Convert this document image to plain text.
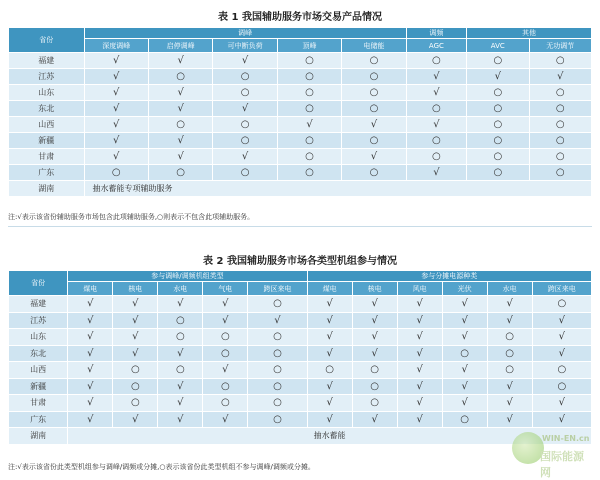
表 1 我国辅助服务市场交易产品情况
省份	调峰					调频	其他	
	深度调峰	启停调峰	可中断负荷	顶峰	电储能	AGC	AVC	无功调节
福建	√	√	√	○	○	○	○	○
江苏	√	○	○	○	○	√	√	√
山东	√	√	○	○	○	√	○	○
东北	√	√	√	○	○	○	○	○
山西	√	○	○	√	√	√	○	○
新疆	√	√	○	○	○	○	○	○
甘肃	√	√	√	○	√	○	○	○
广东	○	○	○	○	○	√	○	○
湖南	抽水蓄能专项辅助服务							
注:√表示该省份辅助服务市场包含此项辅助服务,○则表示不包含此项辅助服务。
表 2 我国辅助服务市场各类型机组参与情况
省份	参与调峰/调频机组类型					参与分摊电源种类					
	煤电	核电	水电	气电	跨区来电	煤电	核电	风电	光伏	水电	跨区来电
福建	√	√	√	√	○	√	√	√	√	√	○
江苏	√	√	○	√	√	√	√	√	√	√	√
山东	√	√	○	○	○	√	√	√	√	○	√
东北	√	√	√	○	○	√	√	√	○	○	√
山西	√	○	○	√	○	○	○	√	√	○	○
新疆	√	○	√	○	○	√	○	√	√	√	○
甘肃	√	○	√	○	○	√	○	√	√	√	√
广东	√	√	√	√	○	√	√	√	○	√	√
湖南	抽水蓄能										
注:√表示该省份此类型机组参与调峰/调频或分摊,○表示该省份此类型机组不参与调峰/调频或分摊。
WIN-EN.cn
国际能源网
